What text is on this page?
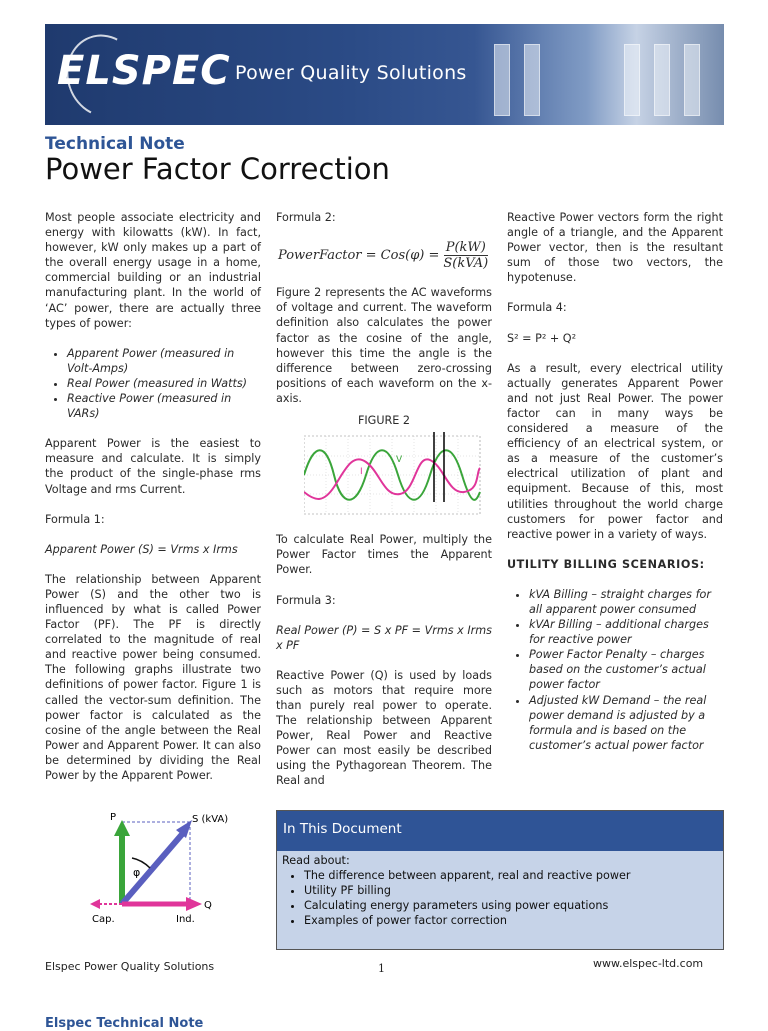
ELSPEC Power Quality Solutions
Technical Note
Power Factor Correction

Most people associate electricity and energy with kilowatts (kW). In fact, however, kW only makes up a part of the overall energy usage in a home, commercial building or an industrial manufacturing plant. In the world of ‘AC’ power, there are actually three types of power:

• Apparent Power (measured in Volt-Amps)
• Real Power (measured in Watts)
• Reactive Power (measured in VARs)

Apparent Power is the easiest to measure and calculate. It is simply the product of the single-phase rms Voltage and rms Current.

Formula 1:

Apparent Power (S) = Vrms x Irms

The relationship between Apparent Power (S) and the other two is influenced by what is called Power Factor (PF). The PF is directly correlated to the magnitude of real and reactive power being consumed. The following graphs illustrate two definitions of power factor. Figure 1 is called the vector-sum definition. The power factor is calculated as the cosine of the angle between the Real Power and Apparent Power. It can also be determined by dividing the Real Power by the Apparent Power.

P	S (kVA)
Q
φ
Cap.	Ind.

Formula 2:

PowerFactor = $Cos(\varphi) = \frac{P(kW)}{\text{S(kVA)}}$

Figure 2 represents the AC waveforms of voltage and current. The waveform definition also calculates the power factor as the cosine of the angle, however this time the angle is the difference between zero-crossing positions of each waveform on the x-axis.

FIGURE 2
V
I

To calculate Real Power, multiply the Power Factor times the Apparent Power.

Formula 3:

Real Power (P) = S x PF = Vrms x Irms x PF

Reactive Power (Q) is used by loads such as motors that require more than purely real power to operate. The relationship between Apparent Power, Real Power and Reactive Power can most easily be described using the Pythagorean Theorem. The Real and

Reactive Power vectors form the right angle of a triangle, and the Apparent Power vector, then is the resultant sum of those two vectors, the hypotenuse.

Formula 4:

S² = P² + Q²

As a result, every electrical utility actually generates Apparent Power and not just Real Power. The power factor can in many ways be considered a measure of the efficiency of an electrical system, or as a measure of the customer’s electrical utilization of plant and equipment. Because of this, most utilities throughout the world charge customers for power factor and reactive power in a variety of ways.

UTILITY BILLING SCENARIOS:

• kVA Billing – straight charges for all apparent power consumed
• kVAr Billing – additional charges for reactive power
• Power Factor Penalty – charges based on the customer’s actual power factor
• Adjusted kW Demand – the real power demand is adjusted by a formula and is based on the customer’s actual power factor
In This Document
Read about:
• The difference between apparent, real and reactive power
• Utility PF billing
• Calculating energy parameters using power equations
• Examples of power factor correction
Elspec Power Quality Solutions	1	www.elspec-ltd.com
Elspec Technical Note
